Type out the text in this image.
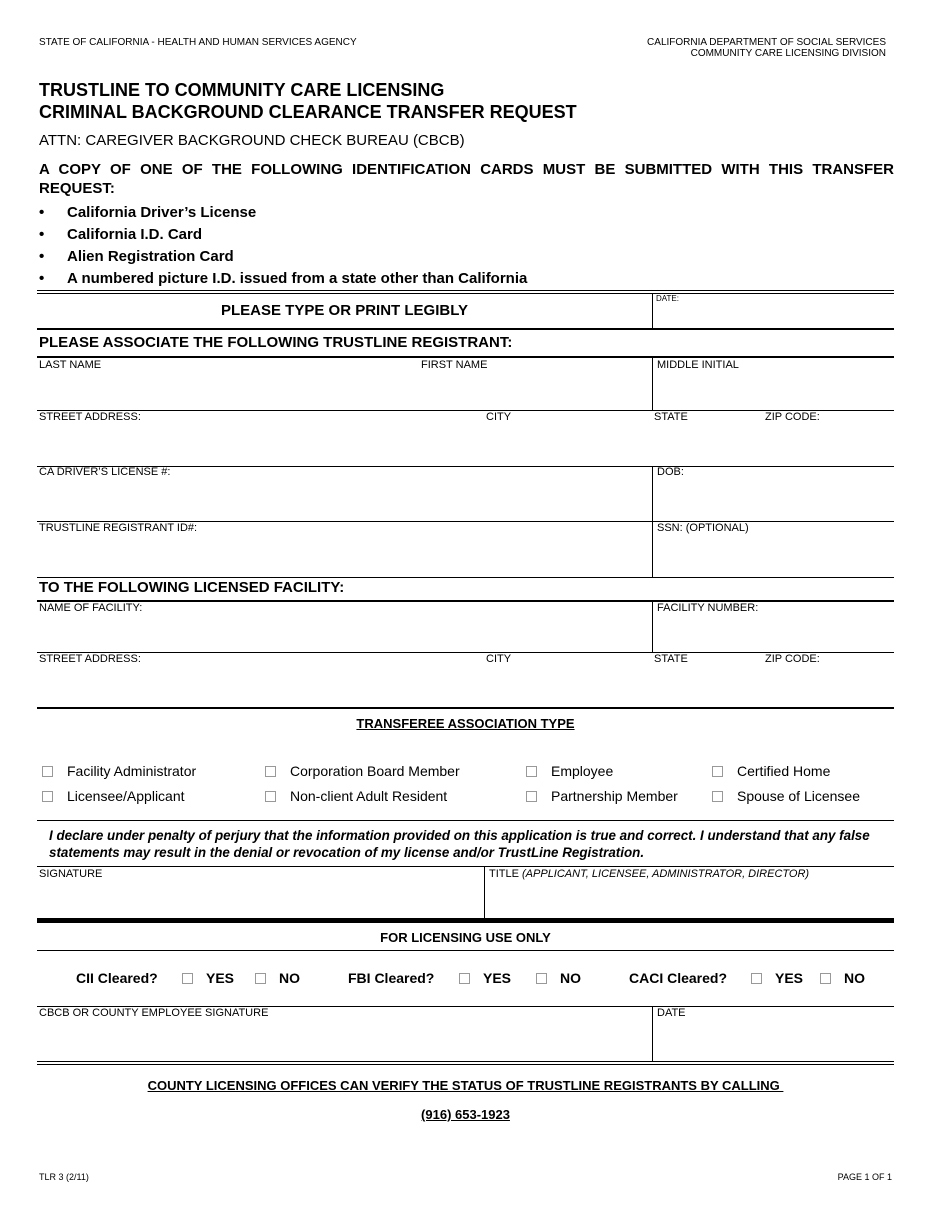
STATE OF CALIFORNIA - HEALTH AND HUMAN SERVICES AGENCY	CALIFORNIA DEPARTMENT OF SOCIAL SERVICES
COMMUNITY CARE LICENSING DIVISION
TRUSTLINE TO COMMUNITY CARE LICENSING
CRIMINAL BACKGROUND CLEARANCE TRANSFER REQUEST
ATTN: CAREGIVER BACKGROUND CHECK BUREAU (CBCB)
A COPY OF ONE OF THE FOLLOWING IDENTIFICATION CARDS MUST BE SUBMITTED WITH THIS TRANSFER REQUEST:
• California Driver’s License
• California I.D. Card
• Alien Registration Card
• A numbered picture I.D. issued from a state other than California
PLEASE TYPE OR PRINT LEGIBLY
DATE:
PLEASE ASSOCIATE THE FOLLOWING TRUSTLINE REGISTRANT:
LAST NAME	FIRST NAME	MIDDLE INITIAL
STREET ADDRESS:	CITY	STATE	ZIP CODE:
CA DRIVER’S LICENSE #:	DOB:
TRUSTLINE REGISTRANT ID#:	SSN: (OPTIONAL)
TO THE FOLLOWING LICENSED FACILITY:
NAME OF FACILITY:	FACILITY NUMBER:
STREET ADDRESS:	CITY	STATE	ZIP CODE:
TRANSFEREE ASSOCIATION TYPE
Facility Administrator	Corporation Board Member	Employee	Certified Home
Licensee/Applicant	Non-client Adult Resident	Partnership Member	Spouse of Licensee
I declare under penalty of perjury that the information provided on this application is true and correct. I understand that any false statements may result in the denial or revocation of my license and/or TrustLine Registration.
SIGNATURE	TITLE (APPLICANT, LICENSEE, ADMINISTRATOR, DIRECTOR)
FOR LICENSING USE ONLY
CII Cleared?	YES	NO	FBI Cleared?	YES	NO	CACI Cleared?	YES	NO
CBCB OR COUNTY EMPLOYEE SIGNATURE	DATE
COUNTY LICENSING OFFICES CAN VERIFY THE STATUS OF TRUSTLINE REGISTRANTS BY CALLING
(916) 653-1923
TLR 3 (2/11)	PAGE 1 OF 1
